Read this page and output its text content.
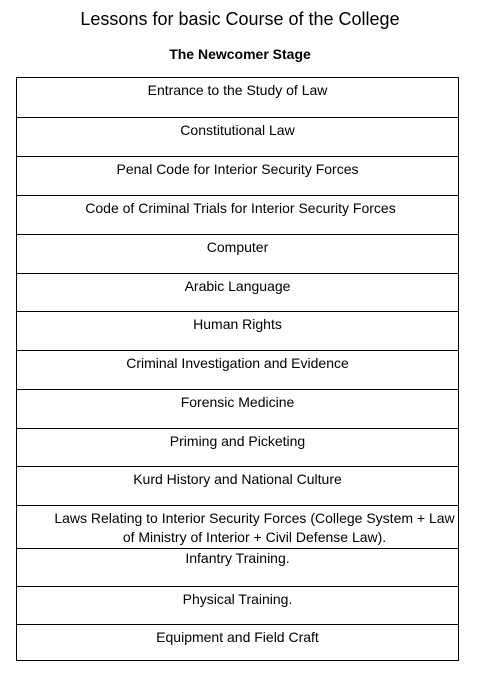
Lessons for basic Course of the College
The Newcomer Stage
Entrance to the Study of Law
Constitutional Law
Penal Code for Interior Security Forces
Code of Criminal Trials for Interior Security Forces
Computer
Arabic Language
Human Rights
Criminal Investigation and Evidence
Forensic Medicine
Priming and Picketing
Kurd History and National Culture
Laws Relating to Interior Security Forces (College System + Law of Ministry of Interior + Civil Defense Law).
Infantry Training.
Physical Training.
Equipment and Field Craft
